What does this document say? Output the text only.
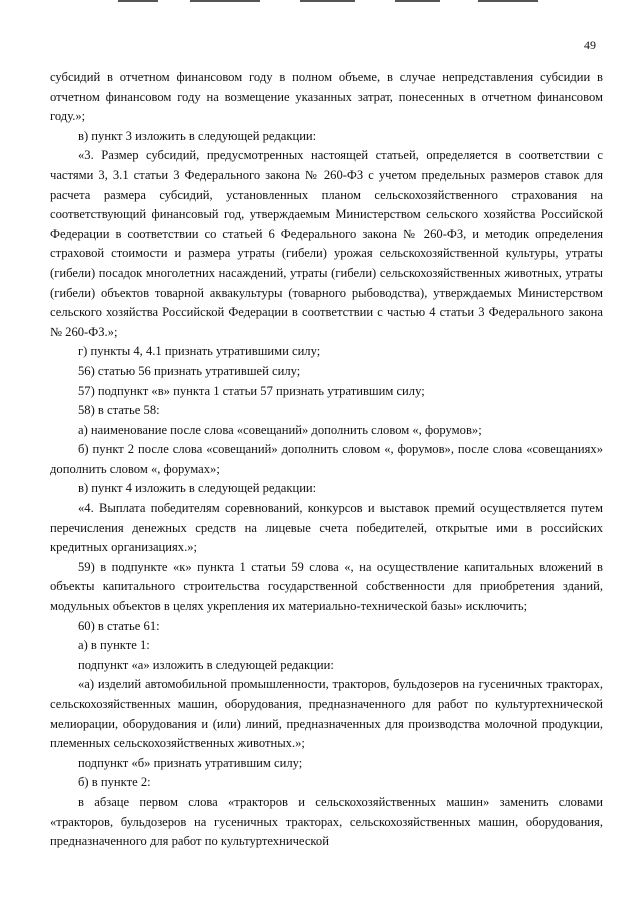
49

субсидий в отчетном финансовом году в полном объеме, в случае непредставления субсидии в отчетном финансовом году на возмещение указанных затрат, понесенных в отчетном финансовом году.»;

в) пункт 3 изложить в следующей редакции:

«3. Размер субсидий, предусмотренных настоящей статьей, определяется в соответствии с частями 3, 3.1 статьи 3 Федерального закона № 260-ФЗ с учетом предельных размеров ставок для расчета размера субсидий, установленных планом сельскохозяйственного страхования на соответствующий финансовый год, утверждаемым Министерством сельского хозяйства Российской Федерации в соответствии со статьей 6 Федерального закона № 260-ФЗ, и методик определения страховой стоимости и размера утраты (гибели) урожая сельскохозяйственной культуры, утраты (гибели) посадок многолетних насаждений, утраты (гибели) сельскохозяйственных животных, утраты (гибели) объектов товарной аквакультуры (товарного рыбоводства), утверждаемых Министерством сельского хозяйства Российской Федерации в соответствии с частью 4 статьи 3 Федерального закона № 260-ФЗ.»;

г) пункты 4, 4.1 признать утратившими силу;

56) статью 56 признать утратившей силу;

57) подпункт «в» пункта 1 статьи 57 признать утратившим силу;

58) в статье 58:

а) наименование после слова «совещаний» дополнить словом «, форумов»;

б) пункт 2 после слова «совещаний» дополнить словом «, форумов», после слова «совещаниях» дополнить словом «, форумах»;

в) пункт 4 изложить в следующей редакции:

«4. Выплата победителям соревнований, конкурсов и выставок премий осуществляется путем перечисления денежных средств на лицевые счета победителей, открытые ими в российских кредитных организациях.»;

59) в подпункте «к» пункта 1 статьи 59 слова «, на осуществление капитальных вложений в объекты капитального строительства государственной собственности для приобретения зданий, модульных объектов в целях укрепления их материально-технической базы» исключить;

60) в статье 61:

а) в пункте 1:

подпункт «а» изложить в следующей редакции:

«а) изделий автомобильной промышленности, тракторов, бульдозеров на гусеничных тракторах, сельскохозяйственных машин, оборудования, предназначенного для работ по культуртехнической мелиорации, оборудования и (или) линий, предназначенных для производства молочной продукции, племенных сельскохозяйственных животных.»;

подпункт «б» признать утратившим силу;

б) в пункте 2:

в абзаце первом слова «тракторов и сельскохозяйственных машин» заменить словами «тракторов, бульдозеров на гусеничных тракторах, сельскохозяйственных машин, оборудования, предназначенного для работ по культуртехнической
